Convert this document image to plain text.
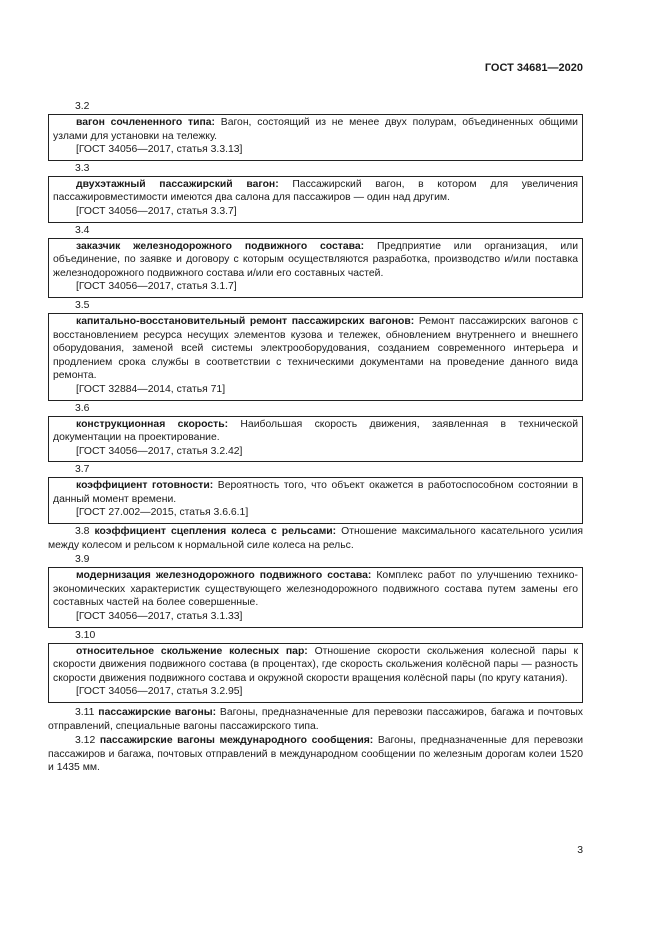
ГОСТ 34681—2020
3.2

вагон сочлененного типа: Вагон, состоящий из не менее двух полурам, объединенных общими узлами для установки на тележку.

[ГОСТ 34056—2017, статья 3.3.13]

3.3

двухэтажный пассажирский вагон: Пассажирский вагон, в котором для увеличения пассажировместимости имеются два салона для пассажиров — один над другим.

[ГОСТ 34056—2017, статья 3.3.7]

3.4

заказчик железнодорожного подвижного состава: Предприятие или организация, или объединение, по заявке и договору с которым осуществляются разработка, производство и/или поставка железнодорожного подвижного состава и/или его составных частей.

[ГОСТ 34056—2017, статья 3.1.7]

3.5

капитально-восстановительный ремонт пассажирских вагонов: Ремонт пассажирских вагонов с восстановлением ресурса несущих элементов кузова и тележек, обновлением внутреннего и внешнего оборудования, заменой всей системы электрооборудования, созданием современного интерьера и продлением срока службы в соответствии с техническими документами на проведение данного вида ремонта.

[ГОСТ 32884—2014, статья 71]

3.6

конструкционная скорость: Наибольшая скорость движения, заявленная в технической документации на проектирование.

[ГОСТ 34056—2017, статья 3.2.42]

3.7

коэффициент готовности: Вероятность того, что объект окажется в работоспособном состоянии в данный момент времени.

[ГОСТ 27.002—2015, статья 3.6.6.1]

3.8 коэффициент сцепления колеса с рельсами: Отношение максимального касательного усилия между колесом и рельсом к нормальной силе колеса на рельс.

3.9

модернизация железнодорожного подвижного состава: Комплекс работ по улучшению технико-экономических характеристик существующего железнодорожного подвижного состава путем замены его составных частей на более совершенные.

[ГОСТ 34056—2017, статья 3.1.33]

3.10

относительное скольжение колесных пар: Отношение скорости скольжения колесной пары к скорости движения подвижного состава (в процентах), где скорость скольжения колёсной пары — разность скорости движения подвижного состава и окружной скорости вращения колёсной пары (по кругу катания).

[ГОСТ 34056—2017, статья 3.2.95]

3.11 пассажирские вагоны: Вагоны, предназначенные для перевозки пассажиров, багажа и почтовых отправлений, специальные вагоны пассажирского типа.

3.12 пассажирские вагоны международного сообщения: Вагоны, предназначенные для перевозки пассажиров и багажа, почтовых отправлений в международном сообщении по железным дорогам колеи 1520 и 1435 мм.

3
